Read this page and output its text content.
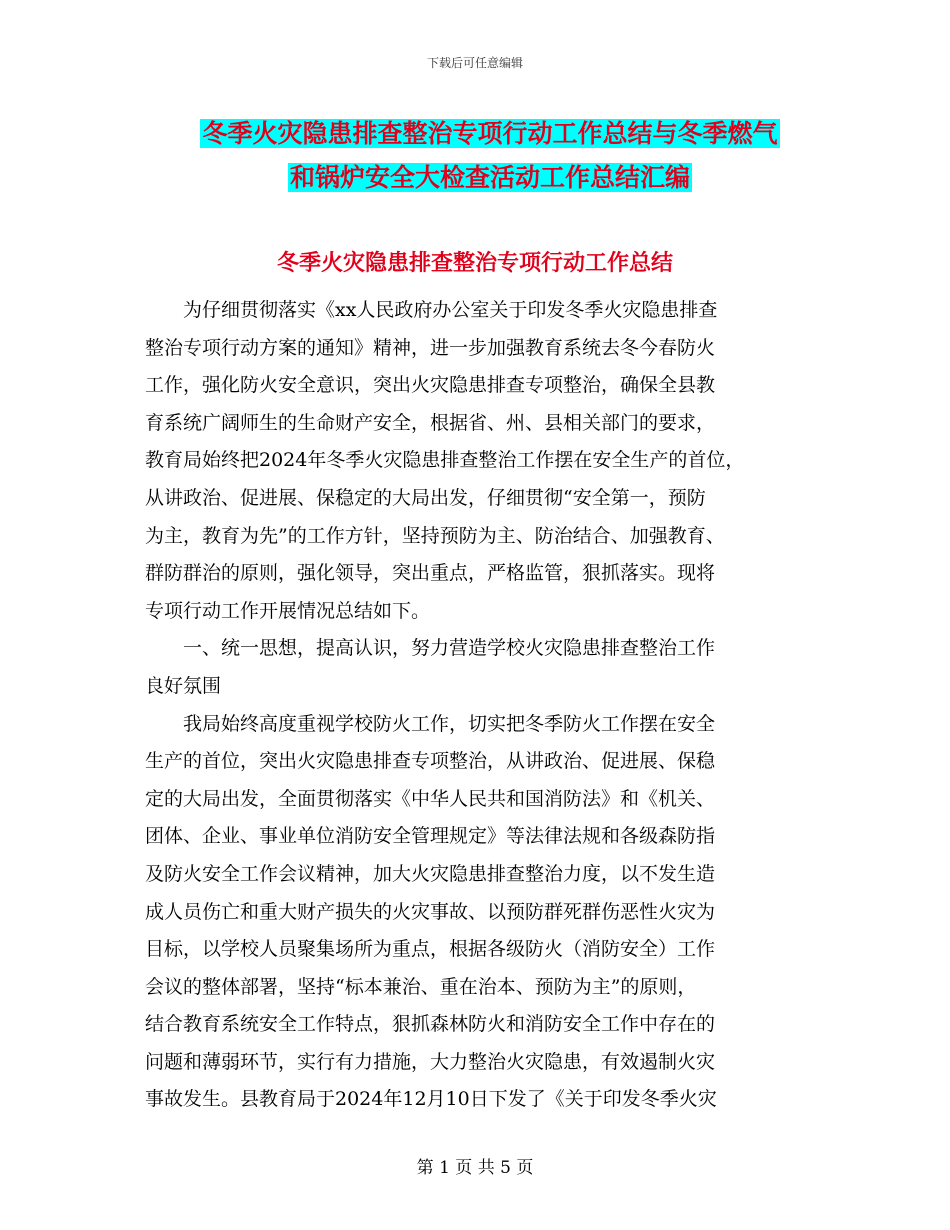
下载后可任意编辑
冬季火灾隐患排查整治专项行动工作总结与冬季燃气
和锅炉安全大检查活动工作总结汇编
冬季火灾隐患排查整治专项行动工作总结
　　为仔细贯彻落实《xx人民政府办公室关于印发冬季火灾隐患排查
整治专项行动方案的通知》精神，进一步加强教育系统去冬今春防火
工作，强化防火安全意识，突出火灾隐患排查专项整治，确保全县教
育系统广阔师生的生命财产安全，根据省、州、县相关部门的要求，
教育局始终把2024年冬季火灾隐患排查整治工作摆在安全生产的首位，
从讲政治、促进展、保稳定的大局出发，仔细贯彻“安全第一，预防
为主，教育为先”的工作方针，坚持预防为主、防治结合、加强教育、
群防群治的原则，强化领导，突出重点，严格监管，狠抓落实。现将
专项行动工作开展情况总结如下。
　　一、统一思想，提高认识，努力营造学校火灾隐患排查整治工作
良好氛围
　　我局始终高度重视学校防火工作，切实把冬季防火工作摆在安全
生产的首位，突出火灾隐患排查专项整治，从讲政治、促进展、保稳
定的大局出发，全面贯彻落实《中华人民共和国消防法》和《机关、
团体、企业、事业单位消防安全管理规定》等法律法规和各级森防指
及防火安全工作会议精神，加大火灾隐患排查整治力度，以不发生造
成人员伤亡和重大财产损失的火灾事故、以预防群死群伤恶性火灾为
目标，以学校人员聚集场所为重点，根据各级防火（消防安全）工作
会议的整体部署，坚持“标本兼治、重在治本、预防为主”的原则，
结合教育系统安全工作特点，狠抓森林防火和消防安全工作中存在的
问题和薄弱环节，实行有力措施，大力整治火灾隐患，有效遏制火灾
事故发生。县教育局于2024年12月10日下发了《关于印发冬季火灾
第 1 页 共 5 页
